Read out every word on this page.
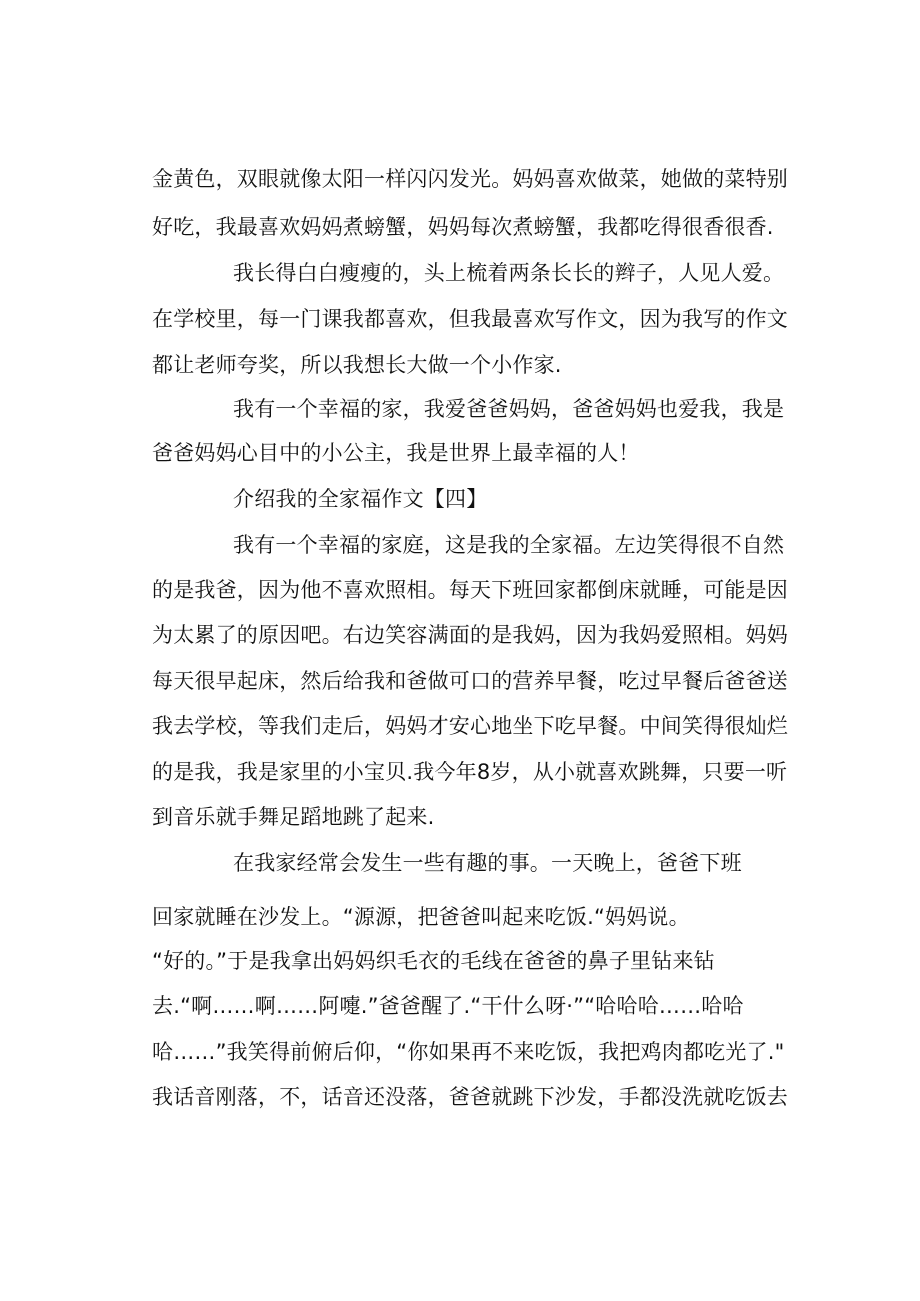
金黄色，双眼就像太阳一样闪闪发光。妈妈喜欢做菜，她做的菜特别
好吃，我最喜欢妈妈煮螃蟹，妈妈每次煮螃蟹，我都吃得很香很香.
我长得白白瘦瘦的，头上梳着两条长长的辫子，人见人爱。
在学校里，每一门课我都喜欢，但我最喜欢写作文，因为我写的作文
都让老师夸奖，所以我想长大做一个小作家.
我有一个幸福的家，我爱爸爸妈妈，爸爸妈妈也爱我，我是
爸爸妈妈心目中的小公主，我是世界上最幸福的人！
介绍我的全家福作文【四】
我有一个幸福的家庭，这是我的全家福。左边笑得很不自然
的是我爸，因为他不喜欢照相。每天下班回家都倒床就睡，可能是因
为太累了的原因吧。右边笑容满面的是我妈，因为我妈爱照相。妈妈
每天很早起床，然后给我和爸做可口的营养早餐，吃过早餐后爸爸送
我去学校，等我们走后，妈妈才安心地坐下吃早餐。中间笑得很灿烂
的是我，我是家里的小宝贝.我今年8岁，从小就喜欢跳舞，只要一听
到音乐就手舞足蹈地跳了起来.
在我家经常会发生一些有趣的事。一天晚上，爸爸下班
回家就睡在沙发上。“源源，把爸爸叫起来吃饭.“妈妈说。
“好的。”于是我拿出妈妈织毛衣的毛线在爸爸的鼻子里钻来钻
去.“啊……啊……阿嚏.”爸爸醒了.“干什么呀·”“哈哈哈……哈哈
哈……”我笑得前俯后仰，“你如果再不来吃饭，我把鸡肉都吃光了."
我话音刚落，不，话音还没落，爸爸就跳下沙发，手都没洗就吃饭去
